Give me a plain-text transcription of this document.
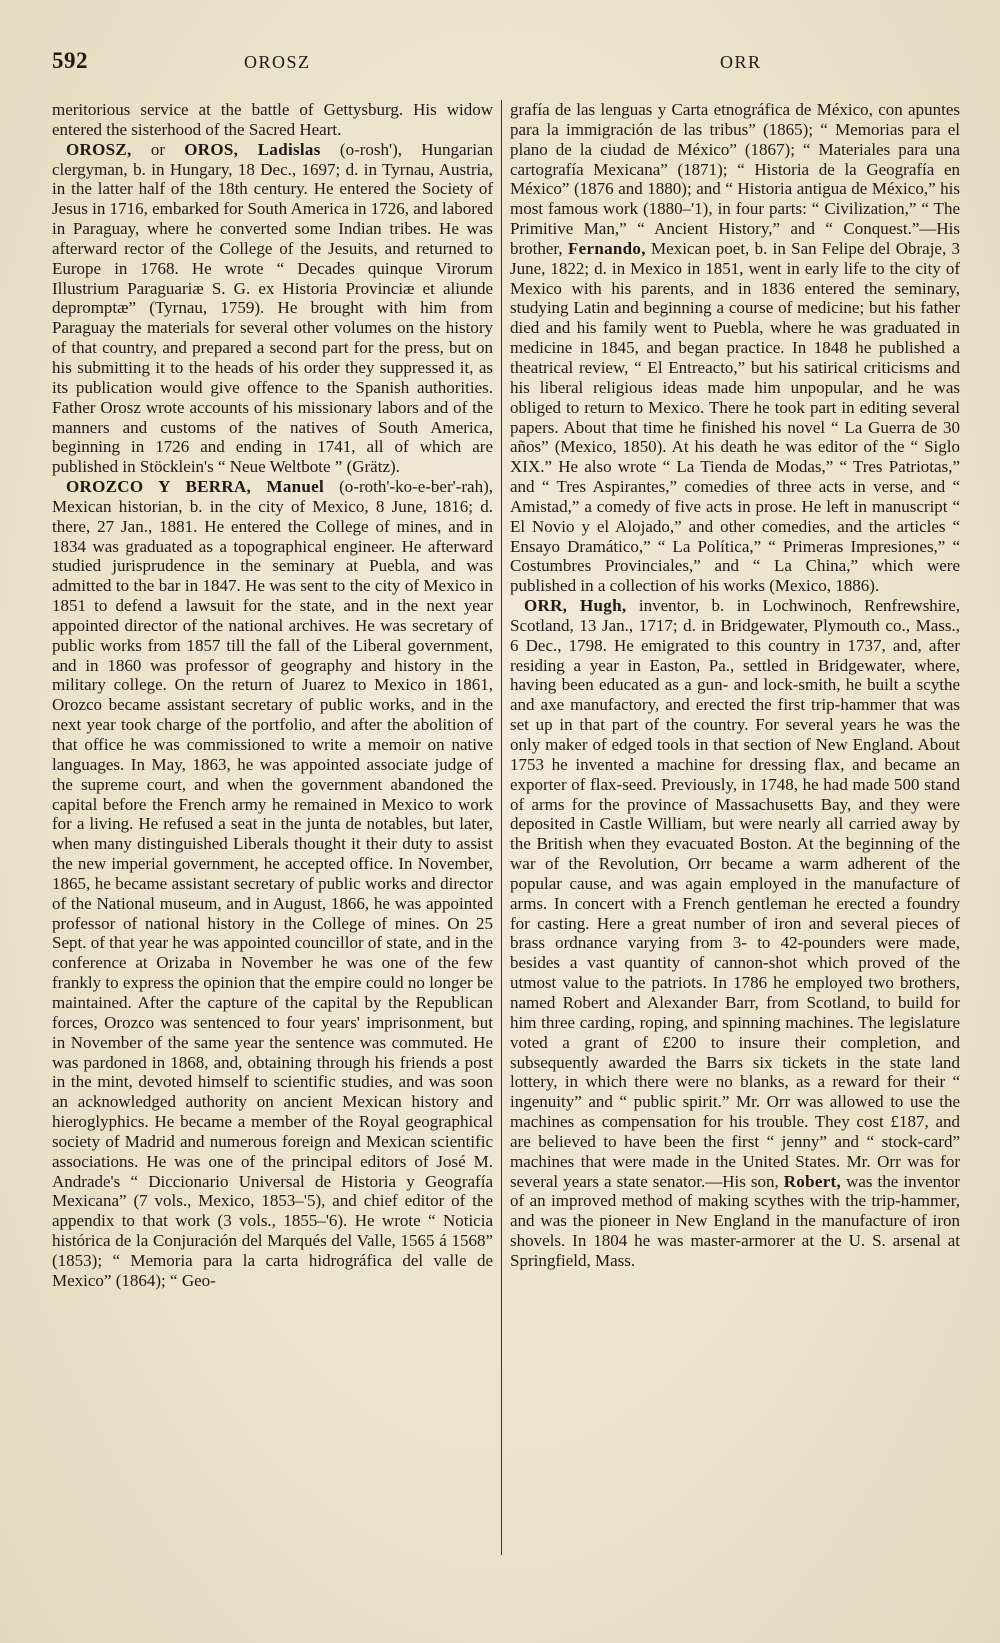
592	OROSZ	ORR

meritorious service at the battle of Gettysburg. His widow entered the sisterhood of the Sacred Heart.

OROSZ, or OROS, Ladislas (o-rosh'), Hungarian clergyman, b. in Hungary, 18 Dec., 1697; d. in Tyrnau, Austria, in the latter half of the 18th century. He entered the Society of Jesus in 1716, embarked for South America in 1726, and labored in Paraguay, where he converted some Indian tribes. He was afterward rector of the College of the Jesuits, and returned to Europe in 1768. He wrote “ Decades quinque Virorum Illustrium Paraguariæ S. G. ex Historia Provinciæ et aliunde depromptæ” (Tyrnau, 1759). He brought with him from Paraguay the materials for several other volumes on the history of that country, and prepared a second part for the press, but on his submitting it to the heads of his order they suppressed it, as its publication would give offence to the Spanish authorities. Father Orosz wrote accounts of his missionary labors and of the manners and customs of the natives of South America, beginning in 1726 and ending in 1741, all of which are published in Stöcklein's “ Neue Weltbote ” (Grätz).

OROZCO Y BERRA, Manuel (o-roth'-ko-e-ber'-rah), Mexican historian, b. in the city of Mexico, 8 June, 1816; d. there, 27 Jan., 1881. He entered the College of mines, and in 1834 was graduated as a topographical engineer. He afterward studied jurisprudence in the seminary at Puebla, and was admitted to the bar in 1847. He was sent to the city of Mexico in 1851 to defend a lawsuit for the state, and in the next year appointed director of the national archives. He was secretary of public works from 1857 till the fall of the Liberal government, and in 1860 was professor of geography and history in the military college. On the return of Juarez to Mexico in 1861, Orozco became assistant secretary of public works, and in the next year took charge of the portfolio, and after the abolition of that office he was commissioned to write a memoir on native languages. In May, 1863, he was appointed associate judge of the supreme court, and when the government abandoned the capital before the French army he remained in Mexico to work for a living. He refused a seat in the junta de notables, but later, when many distinguished Liberals thought it their duty to assist the new imperial government, he accepted office. In November, 1865, he became assistant secretary of public works and director of the National museum, and in August, 1866, he was appointed professor of national history in the College of mines. On 25 Sept. of that year he was appointed councillor of state, and in the conference at Orizaba in November he was one of the few frankly to express the opinion that the empire could no longer be maintained. After the capture of the capital by the Republican forces, Orozco was sentenced to four years' imprisonment, but in November of the same year the sentence was commuted. He was pardoned in 1868, and, obtaining through his friends a post in the mint, devoted himself to scientific studies, and was soon an acknowledged authority on ancient Mexican history and hieroglyphics. He became a member of the Royal geographical society of Madrid and numerous foreign and Mexican scientific associations. He was one of the principal editors of José M. Andrade's “ Diccionario Universal de Historia y Geografía Mexicana” (7 vols., Mexico, 1853–'5), and chief editor of the appendix to that work (3 vols., 1855–'6). He wrote “ Noticia histórica de la Conjuración del Marqués del Valle, 1565 á 1568” (1853); “ Memoria para la carta hidrográfica del valle de Mexico” (1864); “ Geo-

grafía de las lenguas y Carta etnográfica de México, con apuntes para la immigración de las tribus” (1865); “ Memorias para el plano de la ciudad de México” (1867); “ Materiales para una cartografía Mexicana” (1871); “ Historia de la Geografía en México” (1876 and 1880); and “ Historia antigua de México,” his most famous work (1880–'1), in four parts: “ Civilization,” “ The Primitive Man,” “ Ancient History,” and “ Conquest.”—His brother, Fernando, Mexican poet, b. in San Felipe del Obraje, 3 June, 1822; d. in Mexico in 1851, went in early life to the city of Mexico with his parents, and in 1836 entered the seminary, studying Latin and beginning a course of medicine; but his father died and his family went to Puebla, where he was graduated in medicine in 1845, and began practice. In 1848 he published a theatrical review, “ El Entreacto,” but his satirical criticisms and his liberal religious ideas made him unpopular, and he was obliged to return to Mexico. There he took part in editing several papers. About that time he finished his novel “ La Guerra de 30 años” (Mexico, 1850). At his death he was editor of the “ Siglo XIX.” He also wrote “ La Tienda de Modas,” “ Tres Patriotas,” and “ Tres Aspirantes,” comedies of three acts in verse, and “ Amistad,” a comedy of five acts in prose. He left in manuscript “ El Novio y el Alojado,” and other comedies, and the articles “ Ensayo Dramático,” “ La Política,” “ Primeras Impresiones,” “ Costumbres Provinciales,” and “ La China,” which were published in a collection of his works (Mexico, 1886).

ORR, Hugh, inventor, b. in Lochwinoch, Renfrewshire, Scotland, 13 Jan., 1717; d. in Bridgewater, Plymouth co., Mass., 6 Dec., 1798. He emigrated to this country in 1737, and, after residing a year in Easton, Pa., settled in Bridgewater, where, having been educated as a gun- and lock-smith, he built a scythe and axe manufactory, and erected the first trip-hammer that was set up in that part of the country. For several years he was the only maker of edged tools in that section of New England. About 1753 he invented a machine for dressing flax, and became an exporter of flax-seed. Previously, in 1748, he had made 500 stand of arms for the province of Massachusetts Bay, and they were deposited in Castle William, but were nearly all carried away by the British when they evacuated Boston. At the beginning of the war of the Revolution, Orr became a warm adherent of the popular cause, and was again employed in the manufacture of arms. In concert with a French gentleman he erected a foundry for casting. Here a great number of iron and several pieces of brass ordnance varying from 3- to 42-pounders were made, besides a vast quantity of cannon-shot which proved of the utmost value to the patriots. In 1786 he employed two brothers, named Robert and Alexander Barr, from Scotland, to build for him three carding, roping, and spinning machines. The legislature voted a grant of £200 to insure their completion, and subsequently awarded the Barrs six tickets in the state land lottery, in which there were no blanks, as a reward for their “ ingenuity” and “ public spirit.” Mr. Orr was allowed to use the machines as compensation for his trouble. They cost £187, and are believed to have been the first “ jenny” and “ stock-card” machines that were made in the United States. Mr. Orr was for several years a state senator.—His son, Robert, was the inventor of an improved method of making scythes with the trip-hammer, and was the pioneer in New England in the manufacture of iron shovels. In 1804 he was master-armorer at the U. S. arsenal at Springfield, Mass.
